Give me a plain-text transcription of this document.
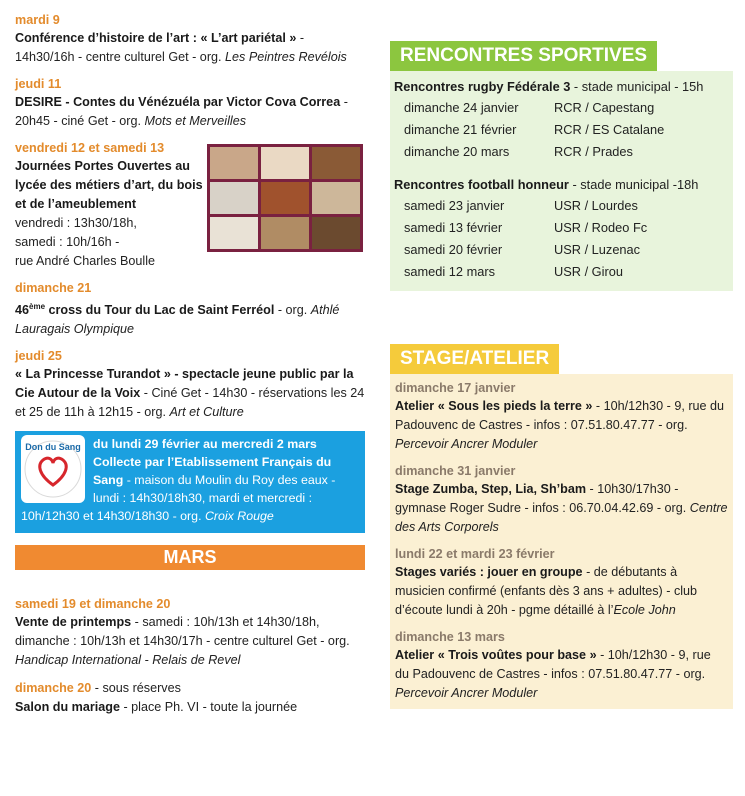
mardi 9
Conférence d’histoire de l’art : « L’art pariétal » - 14h30/16h - centre culturel Get - org. Les Peintres Revélois
jeudi 11
DESIRE - Contes du Vénézuéla par Victor Cova Correa - 20h45 - ciné Get - org. Mots et Merveilles
vendredi 12 et samedi 13
Journées Portes Ouvertes au lycée des métiers d’art, du bois et de l’ameublement
vendredi : 13h30/18h,
samedi : 10h/16h -
rue André Charles Boulle
dimanche 21
46ème cross du Tour du Lac de Saint Ferréol - org. Athlé Lauragais Olympique
jeudi 25
« La Princesse Turandot » - spectacle jeune public par la Cie Autour de la Voix - Ciné Get - 14h30 - réservations les 24 et 25 de 11h à 12h15 - org. Art et Culture
Don du Sang du lundi 29 février au mercredi 2 mars Collecte par l’Etablissement Français du Sang - maison du Moulin du Roy des eaux - lundi : 14h30/18h30, mardi et mercredi : 10h/12h30 et 14h30/18h30 - org. Croix Rouge
MARS
samedi 19 et dimanche 20
Vente de printemps - samedi : 10h/13h et 14h30/18h, dimanche : 10h/13h et 14h30/17h - centre culturel Get - org. Handicap International - Relais de Revel
dimanche 20 - sous réserves
Salon du mariage - place Ph. VI - toute la journée
RENCONTRES SPORTIVES
Rencontres rugby Fédérale 3 - stade municipal - 15h
dimanche 24 janvier	RCR / Capestang
dimanche 21 février	RCR / ES Catalane
dimanche 20 mars	RCR / Prades
Rencontres football honneur - stade municipal -18h
samedi 23 janvier	USR / Lourdes
samedi 13 février	USR / Rodeo Fc
samedi 20 février	USR / Luzenac
samedi 12 mars	USR / Girou
STAGE/ATELIER
dimanche 17 janvier
Atelier « Sous les pieds la terre » - 10h/12h30 - 9, rue du Padouvenc de Castres - infos : 07.51.80.47.77 - org. Percevoir Ancrer Moduler
dimanche 31 janvier
Stage Zumba, Step, Lia, Sh’bam - 10h30/17h30 - gymnase Roger Sudre - infos : 06.70.04.42.69 - org. Centre des Arts Corporels
lundi 22 et mardi 23 février
Stages variés : jouer en groupe - de débutants à musicien confirmé (enfants dès 3 ans + adultes) - club d’écoute lundi à 20h - pgme détaillé à l’Ecole John
dimanche 13 mars
Atelier « Trois voûtes pour base » - 10h/12h30 - 9, rue du Padouvenc de Castres - infos : 07.51.80.47.77 - org. Percevoir Ancrer Moduler
